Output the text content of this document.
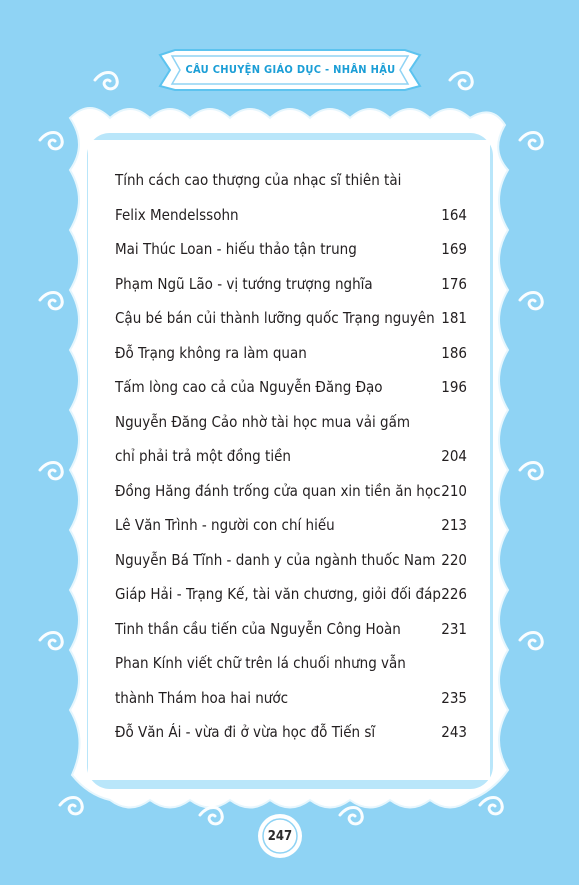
CÂU CHUYỆN GIÁO DỤC - NHÂN HẬU
Tính cách cao thượng của nhạc sĩ thiên tài
Felix Mendelssohn	164
Mai Thúc Loan - hiếu thảo tận trung	169
Phạm Ngũ Lão - vị tướng trượng nghĩa	176
Cậu bé bán củi thành lưỡng quốc Trạng nguyên 181
Đỗ Trạng không ra làm quan	186
Tấm lòng cao cả của Nguyễn Đăng Đạo	196
Nguyễn Đăng Cảo nhờ tài học mua vải gấm
chỉ phải trả một đồng tiền	204
Đồng Hăng đánh trống cửa quan xin tiền ăn học 210
Lê Văn Trình - người con chí hiếu	213
Nguyễn Bá Tĩnh - danh y của ngành thuốc Nam 220
Giáp Hải - Trạng Kế, tài văn chương, giỏi đối đáp 226
Tinh thần cầu tiến của Nguyễn Công Hoàn	231
Phan Kính viết chữ trên lá chuối nhưng vẫn
thành Thám hoa hai nước	235
Đỗ Văn Ái - vừa đi ở vừa học đỗ Tiến sĩ	243
247
